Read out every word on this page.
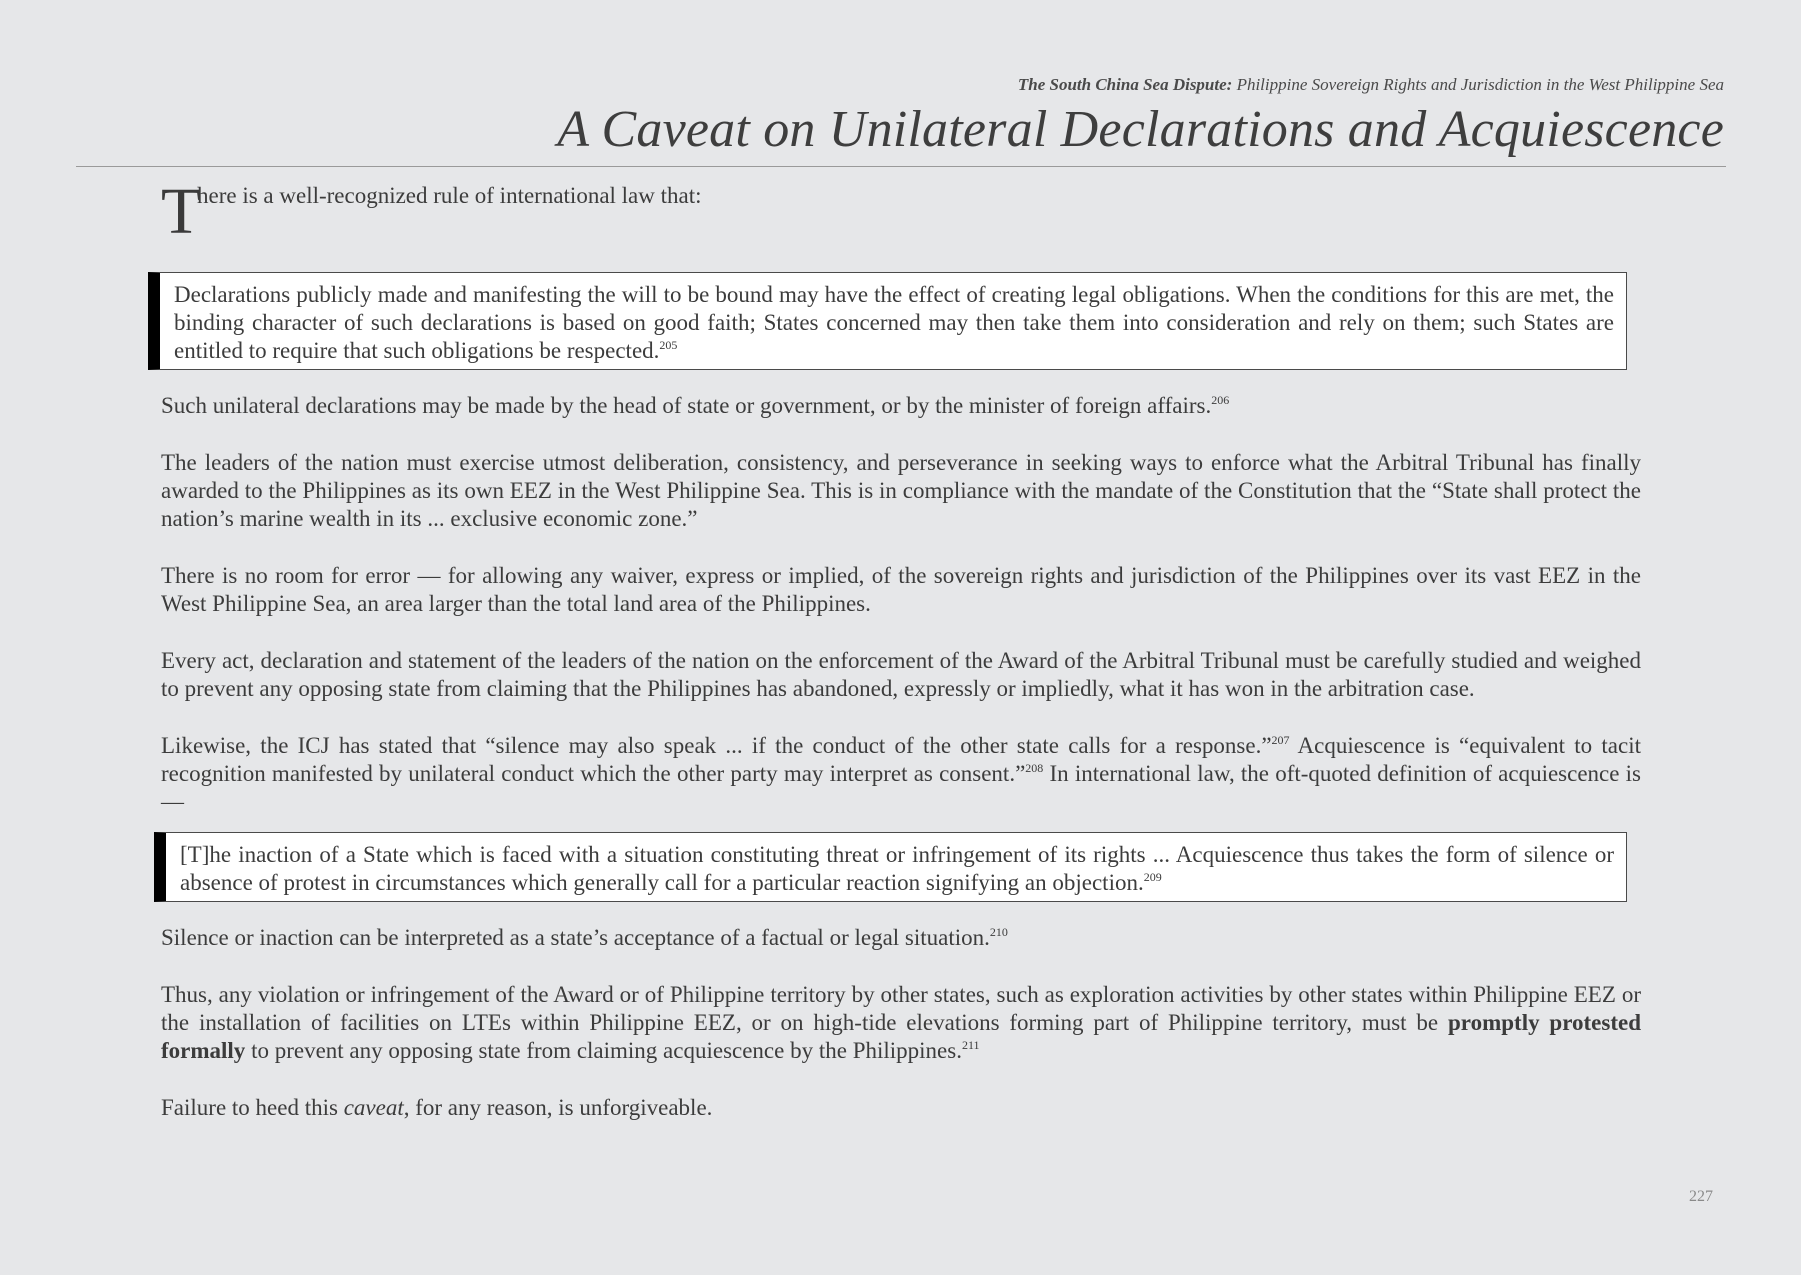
The South China Sea Dispute: Philippine Sovereign Rights and Jurisdiction in the West Philippine Sea
A Caveat on Unilateral Declarations and Acquiescence

T
here is a well-recognized rule of international law that:

Declarations publicly made and manifesting the will to be bound may have the effect of creating legal obligations. When the conditions for this are met, the binding character of such declarations is based on good faith; States concerned may then take them into consideration and rely on them; such States are entitled to require that such obligations be respected.$^{205}$

Such unilateral declarations may be made by the head of state or government, or by the minister of foreign affairs.$^{206}$

The leaders of the nation must exercise utmost deliberation, consistency, and perseverance in seeking ways to enforce what the Arbitral Tribunal has finally awarded to the Philippines as its own EEZ in the West Philippine Sea. This is in compliance with the mandate of the Constitution that the “State shall protect the nation’s marine wealth in its ... exclusive economic zone.”

There is no room for error — for allowing any waiver, express or implied, of the sovereign rights and jurisdiction of the Philippines over its vast EEZ in the West Philippine Sea, an area larger than the total land area of the Philippines.

Every act, declaration and statement of the leaders of the nation on the enforcement of the Award of the Arbitral Tribunal must be carefully studied and weighed to prevent any opposing state from claiming that the Philippines has abandoned, expressly or impliedly, what it has won in the arbitration case.

Likewise, the ICJ has stated that “silence may also speak ... if the conduct of the other state calls for a response.”$^{207}$ Acquiescence is “equivalent to tacit recognition manifested by unilateral conduct which the other party may interpret as consent.”$^{208}$ In international law, the oft-quoted definition of acquiescence is —

[T]he inaction of a State which is faced with a situation constituting threat or infringement of its rights ... Acquiescence thus takes the form of silence or absence of protest in circumstances which generally call for a particular reaction signifying an objection.$^{209}$

Silence or inaction can be interpreted as a state’s acceptance of a factual or legal situation.$^{210}$

Thus, any violation or infringement of the Award or of Philippine territory by other states, such as exploration activities by other states within Philippine EEZ or the installation of facilities on LTEs within Philippine EEZ, or on high-tide elevations forming part of Philippine territory, must be promptly protested formally to prevent any opposing state from claiming acquiescence by the Philippines.$^{211}$

Failure to heed this caveat, for any reason, is unforgiveable.

227
